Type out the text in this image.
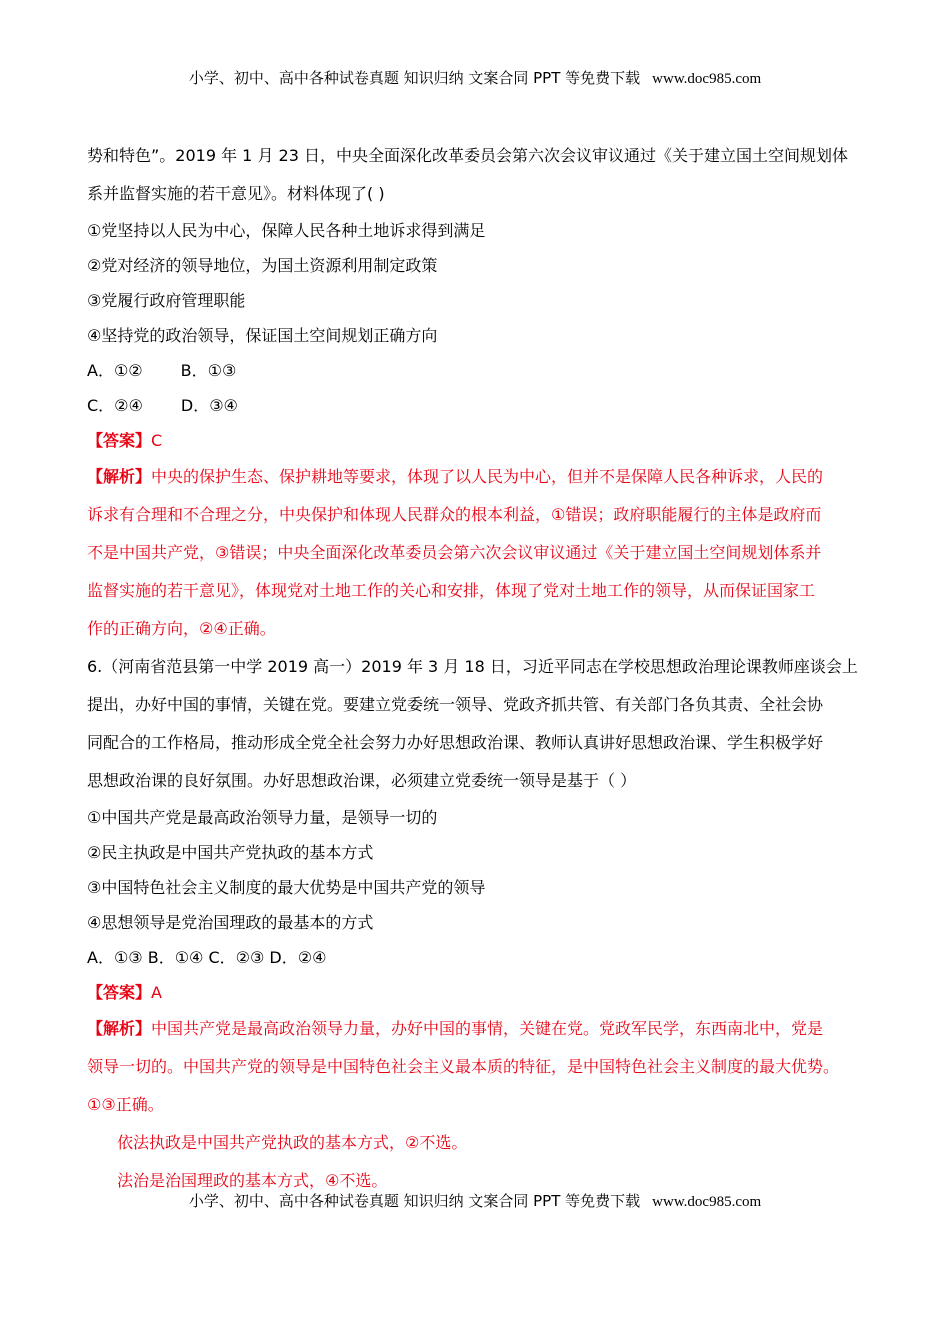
小学、初中、高中各种试卷真题 知识归纳 文案合同 PPT 等免费下载 www.doc985.com
势和特色”。2019 年 1 月 23 日，中央全面深化改革委员会第六次会议审议通过《关于建立国土空间规划体
系并监督实施的若干意见》。材料体现了( )
①党坚持以人民为中心，保障人民各种土地诉求得到满足
②党对经济的领导地位，为国土资源利用制定政策
③党履行政府管理职能
④坚持党的政治领导，保证国土空间规划正确方向
A．①② B．①③
C．②④ D．③④
【答案】C
【解析】中央的保护生态、保护耕地等要求，体现了以人民为中心，但并不是保障人民各种诉求，人民的
诉求有合理和不合理之分，中央保护和体现人民群众的根本利益，①错误；政府职能履行的主体是政府而
不是中国共产党，③错误；中央全面深化改革委员会第六次会议审议通过《关于建立国土空间规划体系并
监督实施的若干意见》，体现党对土地工作的关心和安排，体现了党对土地工作的领导，从而保证国家工
作的正确方向，②④正确。
6.（河南省范县第一中学 2019 高一）2019 年 3 月 18 日，习近平同志在学校思想政治理论课教师座谈会上
提出，办好中国的事情，关键在党。要建立党委统一领导、党政齐抓共管、有关部门各负其责、全社会协
同配合的工作格局，推动形成全党全社会努力办好思想政治课、教师认真讲好思想政治课、学生积极学好
思想政治课的良好氛围。办好思想政治课，必须建立党委统一领导是基于（ ）
①中国共产党是最高政治领导力量，是领导一切的
②民主执政是中国共产党执政的基本方式
③中国特色社会主义制度的最大优势是中国共产党的领导
④思想领导是党治国理政的最基本的方式
A．①③ B．①④ C．②③ D．②④
【答案】A
【解析】中国共产党是最高政治领导力量，办好中国的事情，关键在党。党政军民学，东西南北中，党是
领导一切的。中国共产党的领导是中国特色社会主义最本质的特征，是中国特色社会主义制度的最大优势。
①③正确。
依法执政是中国共产党执政的基本方式，②不选。
法治是治国理政的基本方式，④不选。
小学、初中、高中各种试卷真题 知识归纳 文案合同 PPT 等免费下载 www.doc985.com
